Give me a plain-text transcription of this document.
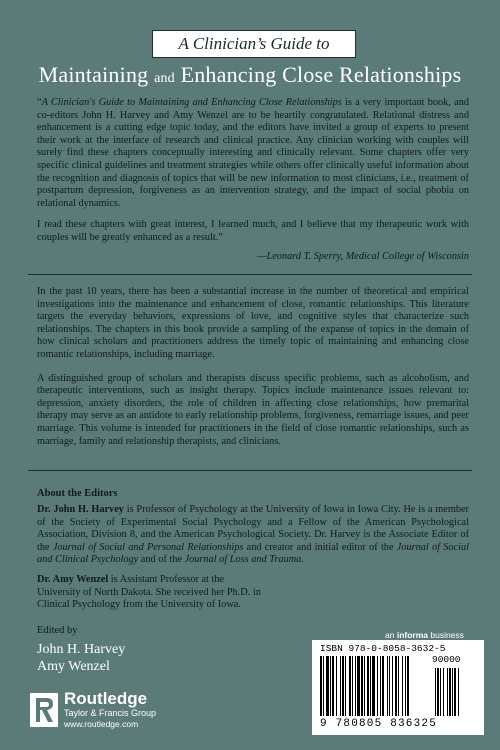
A Clinician’s Guide to
Maintaining and Enhancing Close Relationships

“A Clinician's Guide to Maintaining and Enhancing Close Relationships is a very important book, and co-editors John H. Harvey and Amy Wenzel are to be heartily congratulated. Relational distress and enhancement is a cutting edge topic today, and the editors have invited a group of experts to present their work at the interface of research and clinical practice. Any clinician working with couples will surely find these chapters conceptually interesting and clinically relevant. Some chapters offer very specific clinical guidelines and treatment strategies while others offer clinically useful information about the recognition and diagnosis of topics that will be new information to most clinicians, i.e., treatment of postpartum depression, forgiveness as an intervention strategy, and the impact of social phobia on relational dynamics.

I read these chapters with great interest, I learned much, and I believe that my therapeutic work with couples will be greatly enhanced as a result.”

—Leonard T. Sperry, Medical College of Wisconsin

In the past 10 years, there has been a substantial increase in the number of theoretical and empirical investigations into the maintenance and enhancement of close, romantic relationships. This literature targets the everyday behaviors, expressions of love, and cognitive styles that characterize such relationships. The chapters in this book provide a sampling of the expanse of topics in the domain of how clinical scholars and practitioners address the timely topic of maintaining and enhancing close romantic relationships, including marriage.

A distinguished group of scholars and therapists discuss specific problems, such as alcoholism, and therapeutic interventions, such as insight therapy. Topics include maintenance issues relevant to: depression, anxiety disorders, the role of children in affecting close relationships, how premarital therapy may serve as an antidote to early relationship problems, forgiveness, remarriage issues, and peer marriage. This volume is intended for practitioners in the field of close romantic relationships, such as marriage, family and relationship therapists, and clinicians.

About the Editors
Dr. John H. Harvey is Professor of Psychology at the University of Iowa in Iowa City. He is a member of the Society of Experimental Social Psychology and a Fellow of the American Psychological Association, Division 8, and the American Psychological Society. Dr. Harvey is the Associate Editor of the Journal of Social and Personal Relationships and creator and initial editor of the Journal of Social and Clinical Psychology and of the Journal of Loss and Trauma.
Dr. Amy Wenzel is Assistant Professor at the University of North Dakota. She received her Ph.D. in Clinical Psychology from the University of Iowa.
Edited by
John H. Harvey
Amy Wenzel
Routledge
Taylor & Francis Group
www.routledge.com
an informa business
ISBN 978-0-8058-3632-5
90000
9 780805 836325
